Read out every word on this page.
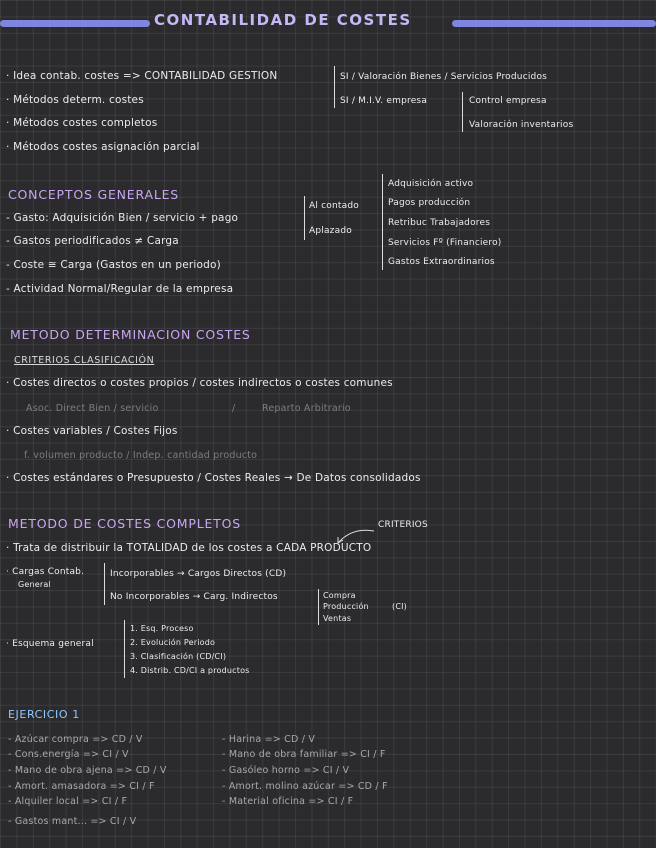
CONTABILIDAD DE COSTES
· Idea contab. costes => CONTABILIDAD GESTION	SI / Valoración Bienes / Servicios Producidos
SI / M.I.V. empresa	Control empresa
Valoración inventarios
· Métodos determ. costes
· Métodos costes completos
· Métodos costes asignación parcial
CONCEPTOS GENERALES
- Gasto: Adquisición Bien / servicio + pago
Al contado
Aplazado
- Gastos periodificados ≠ Carga
- Coste ≅ Carga (Gastos en un periodo)
- Actividad Normal/Regular de la empresa
Adquisición activo
Pagos producción
Retribuc Trabajadores
Servicios Fº (Financiero)
Gastos Extraordinarios
METODO DETERMINACION COSTES
CRITERIOS CLASIFICACIÓN
· Costes directos o costes propios / costes indirectos o costes comunes
Asoc. Direct Bien / servicio	/	Reparto Arbitrario
· Costes variables / Costes Fijos
f. volumen producto / Indep. cantidad producto
· Costes estándares o Presupuesto / Costes Reales → De Datos consolidados
METODO DE COSTES COMPLETOS	CRITERIOS
· Trata de distribuir la TOTALIDAD de los costes a CADA PRODUCTO
· Cargas Contab.
General
Incorporables → Cargos Directos (CD)
No Incorporables → Carg. Indirectos	Compra
Producción
Ventas
(CI)
· Esquema general
1. Esq. Proceso
2. Evolución Periodo
3. Clasificación (CD/CI)
4. Distrib. CD/CI a productos
EJERCICIO 1
- Azúcar compra => CD / V
- Cons.energía => CI / V
- Mano de obra ajena => CD / V
- Amort. amasadora => CI / F
- Alquiler local => CI / F
- Gastos mant... => CI / V
- Harina => CD / V
- Mano de obra familiar => CI / F
- Gasóleo horno => CI / V
- Amort. molino azúcar => CD / F
- Material oficina => CI / F
